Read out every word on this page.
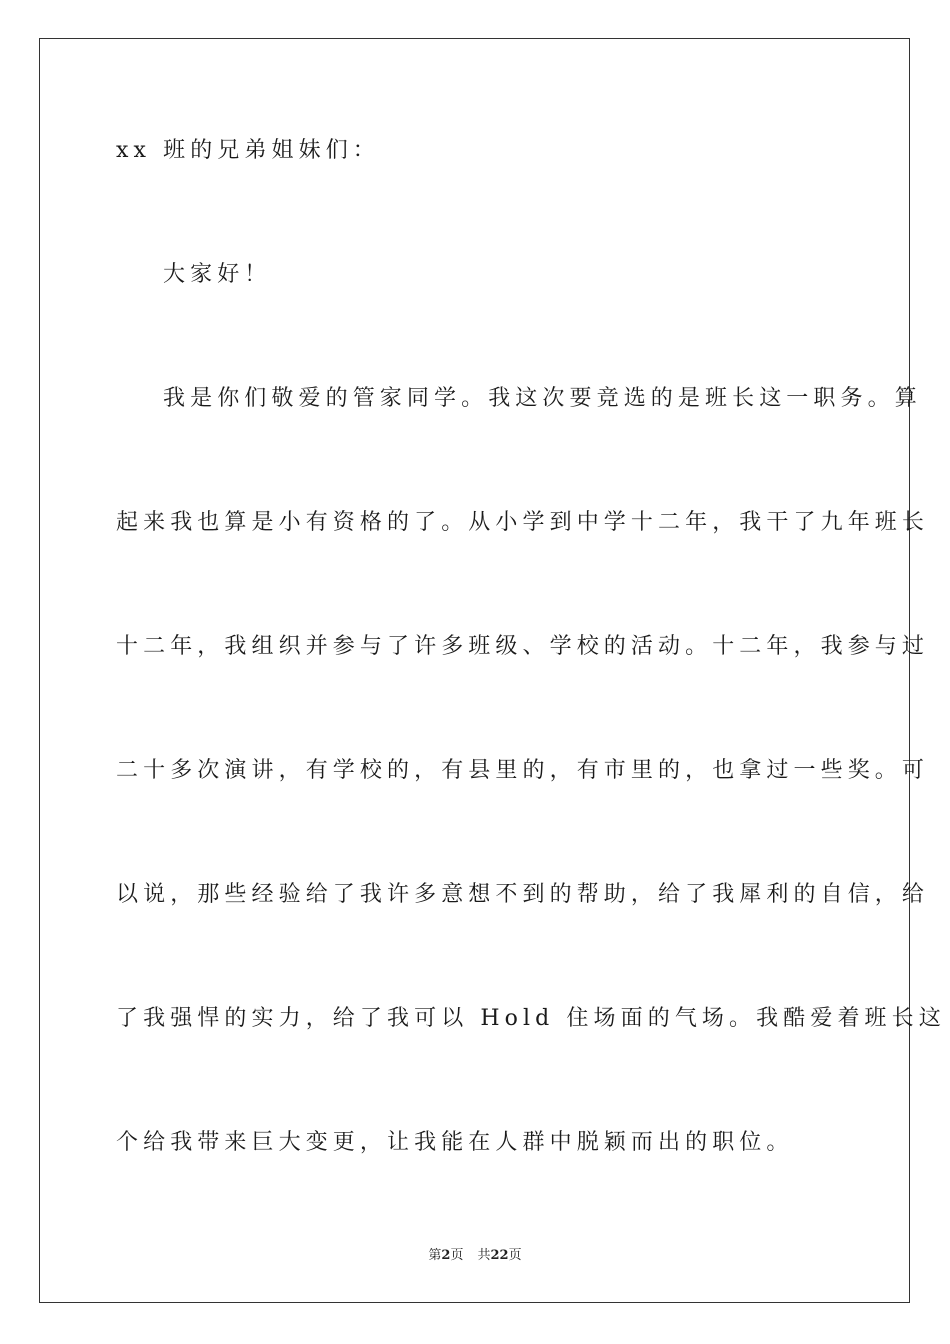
xx 班的兄弟姐妹们：
大家好！
我是你们敬爱的管家同学。我这次要竞选的是班长这一职务。算
起来我也算是小有资格的了。从小学到中学十二年，我干了九年班长
十二年，我组织并参与了许多班级、学校的活动。十二年，我参与过
二十多次演讲，有学校的，有县里的，有市里的，也拿过一些奖。可
以说，那些经验给了我许多意想不到的帮助，给了我犀利的自信，给
了我强悍的实力，给了我可以 Hold 住场面的气场。我酷爱着班长这
个给我带来巨大变更，让我能在人群中脱颖而出的职位。
第2页 共22页
